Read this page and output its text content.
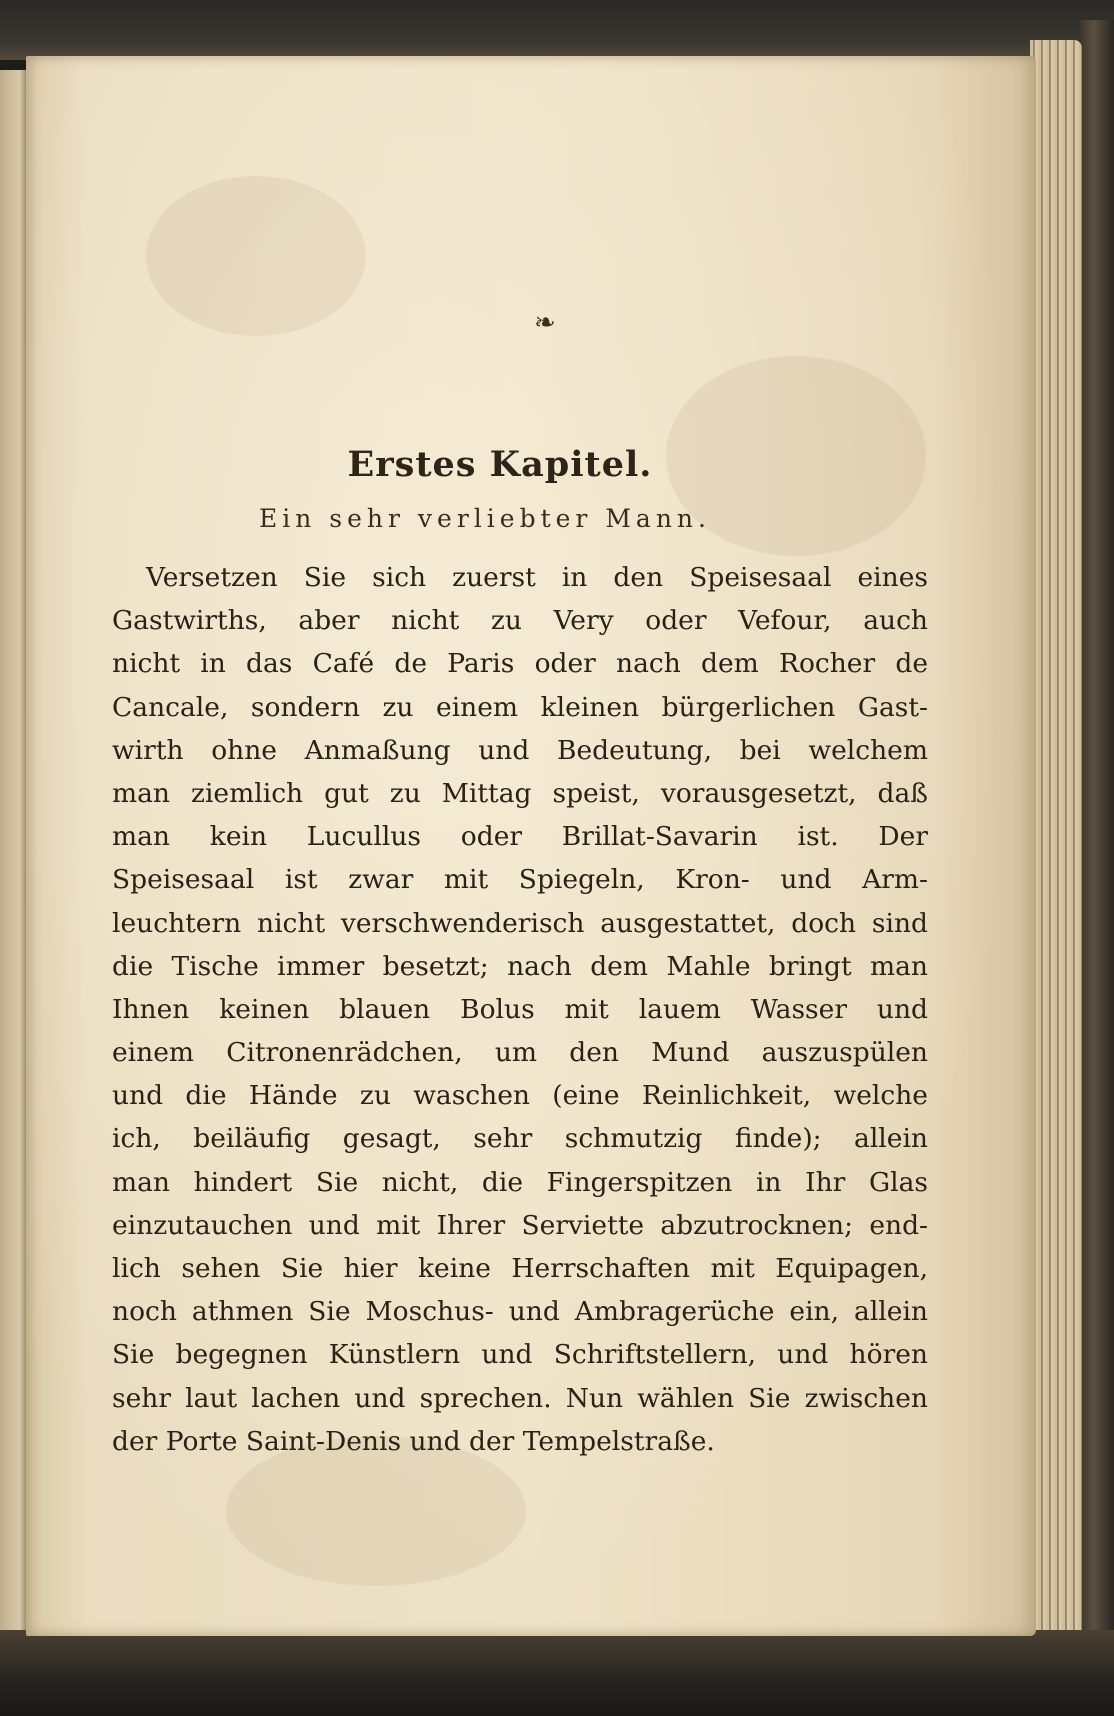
❧
Erstes Kapitel.
Ein sehr verliebter Mann.
Versetzen Sie sich zuerst in den Speisesaal eines
Gastwirths, aber nicht zu Very oder Vefour, auch
nicht in das Café de Paris oder nach dem Rocher de
Cancale, sondern zu einem kleinen bürgerlichen Gast-
wirth ohne Anmaßung und Bedeutung, bei welchem
man ziemlich gut zu Mittag speist, vorausgesetzt, daß
man kein Lucullus oder Brillat-Savarin ist. Der
Speisesaal ist zwar mit Spiegeln, Kron- und Arm-
leuchtern nicht verschwenderisch ausgestattet, doch sind
die Tische immer besetzt; nach dem Mahle bringt man
Ihnen keinen blauen Bolus mit lauem Wasser und
einem Citronenrädchen, um den Mund auszuspülen
und die Hände zu waschen (eine Reinlichkeit, welche
ich, beiläufig gesagt, sehr schmutzig finde); allein
man hindert Sie nicht, die Fingerspitzen in Ihr Glas
einzutauchen und mit Ihrer Serviette abzutrocknen; end-
lich sehen Sie hier keine Herrschaften mit Equipagen,
noch athmen Sie Moschus- und Ambragerüche ein, allein
Sie begegnen Künstlern und Schriftstellern, und hören
sehr laut lachen und sprechen. Nun wählen Sie zwischen
der Porte Saint-Denis und der Tempelstraße.
